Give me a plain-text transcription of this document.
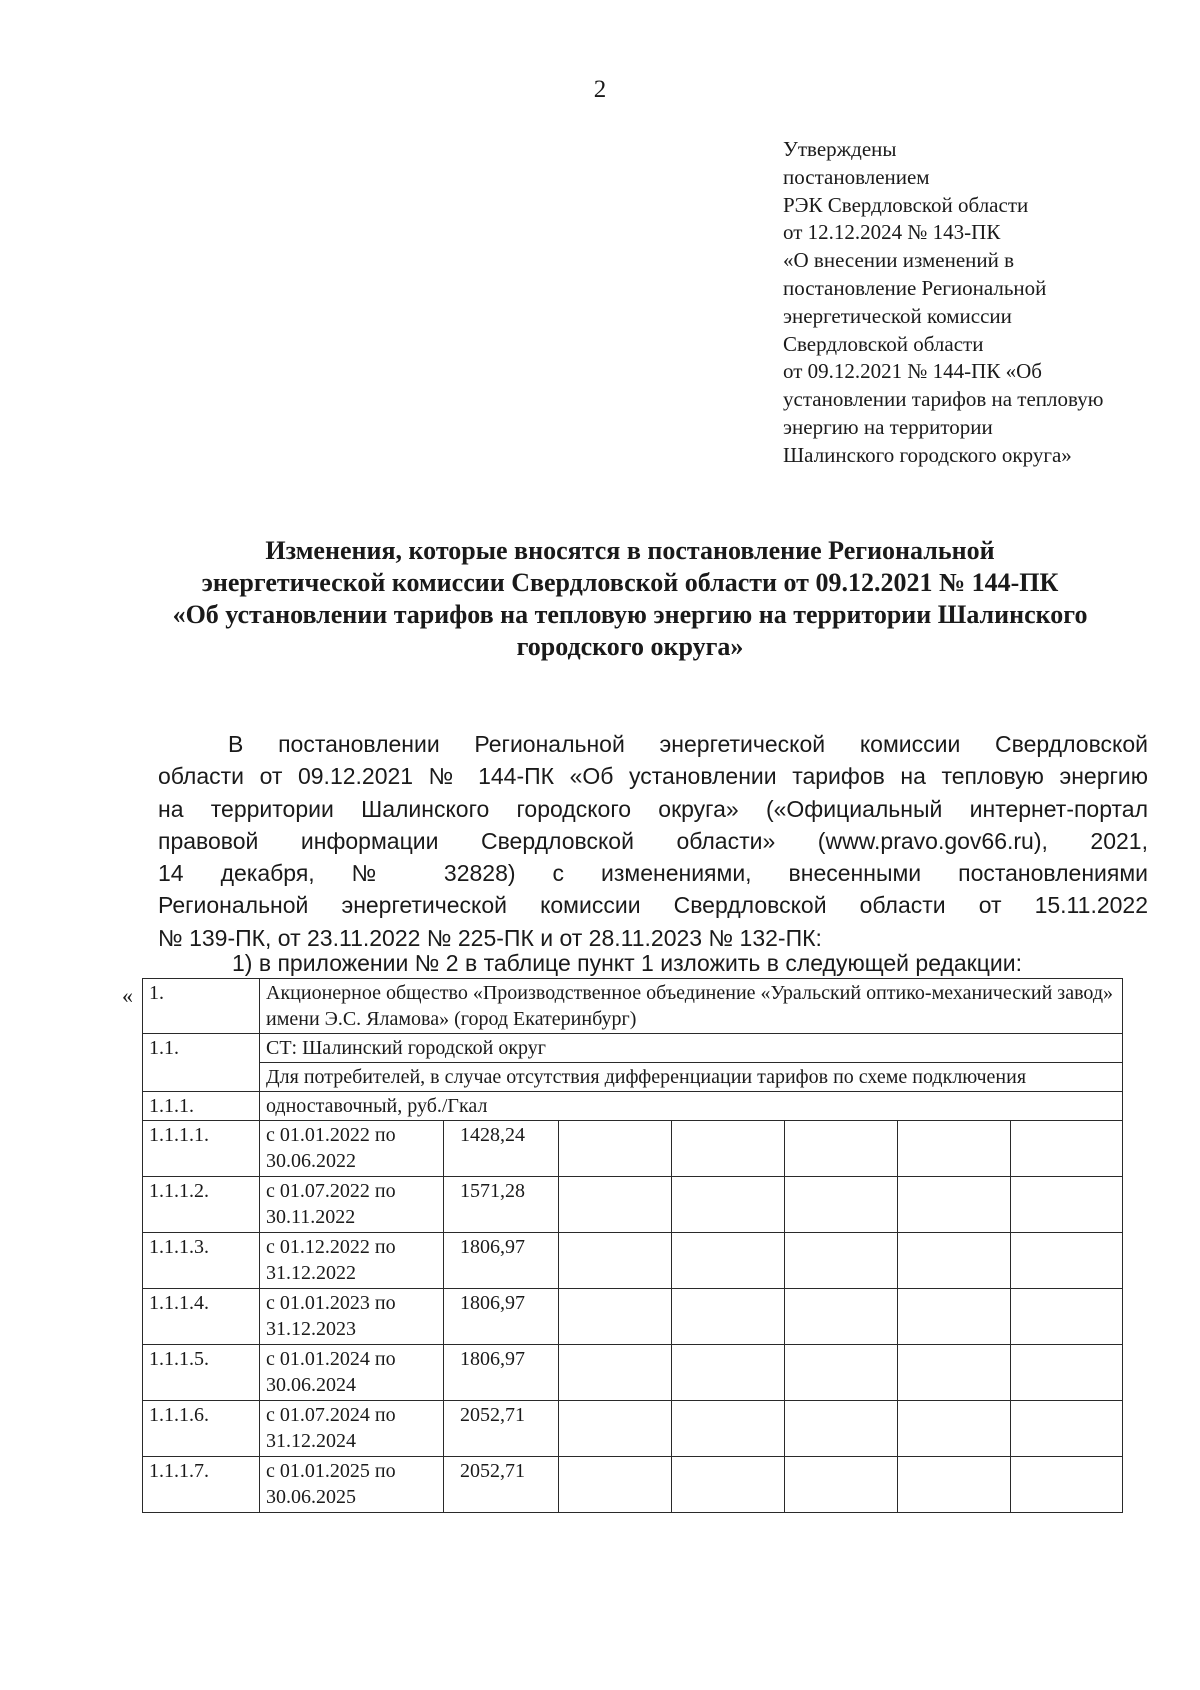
2
Утверждены
постановлением
РЭК Свердловской области
от 12.12.2024 № 143-ПК
«О внесении изменений в
постановление Региональной
энергетической комиссии
Свердловской области
от 09.12.2021 № 144-ПК «Об
установлении тарифов на тепловую
энергию на территории
Шалинского городского округа»
Изменения, которые вносятся в постановление Региональной
энергетической комиссии Свердловской области от 09.12.2021 № 144-ПК
«Об установлении тарифов на тепловую энергию на территории Шалинского
городского округа»
В постановлении Региональной энергетической комиссии Свердловской
области от 09.12.2021 № 144-ПК «Об установлении тарифов на тепловую энергию
на территории Шалинского городского округа» («Официальный интернет-портал
правовой информации Свердловской области» (www.pravo.gov66.ru), 2021,
14 декабря, № 32828) с изменениями, внесенными постановлениями
Региональной энергетической комиссии Свердловской области от 15.11.2022
№ 139-ПК, от 23.11.2022 № 225-ПК и от 28.11.2023 № 132-ПК:
1) в приложении № 2 в таблице пункт 1 изложить в следующей редакции:
« 1.	Акционерное общество «Производственное объединение «Уральский оптико-механический завод» имени Э.С. Яламова» (город Екатеринбург)						
1.1.	СТ: Шалинский городской округ						
	Для потребителей, в случае отсутствия дифференциации тарифов по схеме подключения						
1.1.1.	одноставочный, руб./Гкал						
1.1.1.1.	с 01.01.2022 по 30.06.2022	1428,24					
1.1.1.2.	с 01.07.2022 по 30.11.2022	1571,28					
1.1.1.3.	с 01.12.2022 по 31.12.2022	1806,97					
1.1.1.4.	с 01.01.2023 по 31.12.2023	1806,97					
1.1.1.5.	с 01.01.2024 по 30.06.2024	1806,97					
1.1.1.6.	с 01.07.2024 по 31.12.2024	2052,71					
1.1.1.7.	с 01.01.2025 по 30.06.2025	2052,71					
